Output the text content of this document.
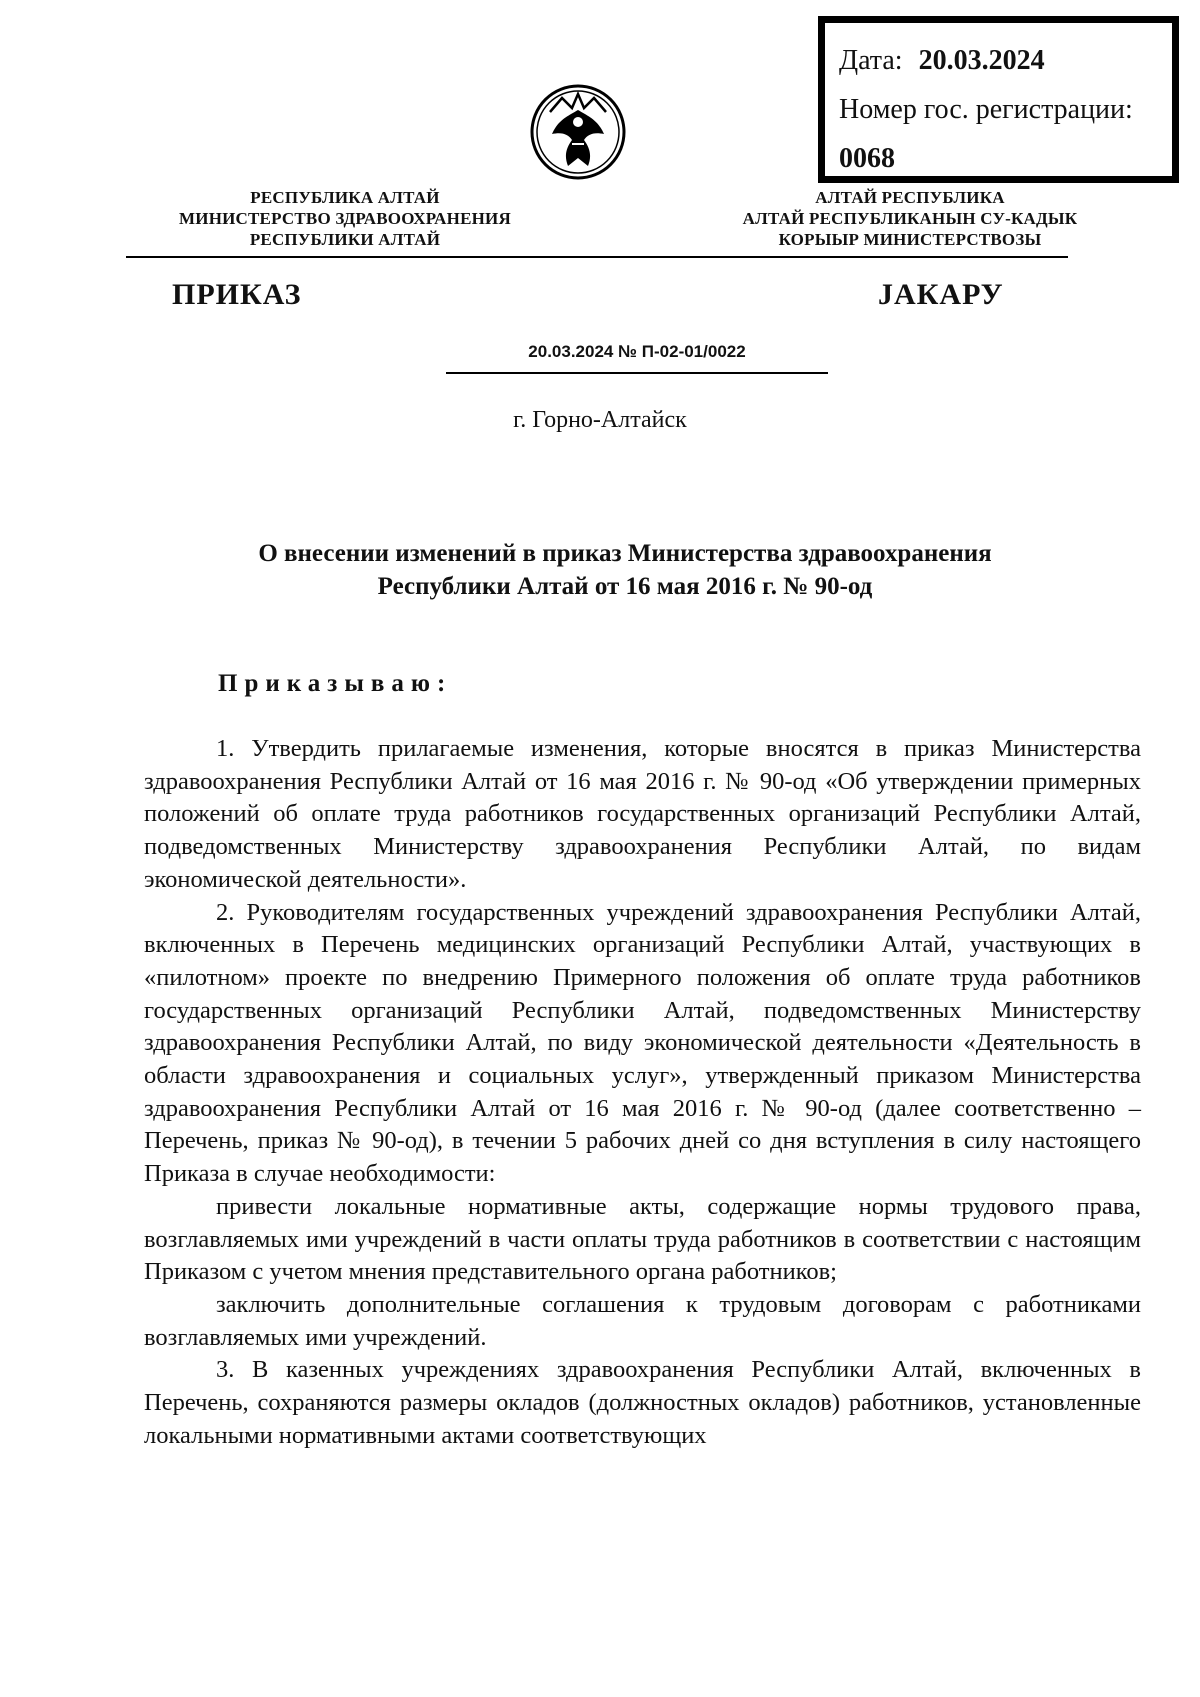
Дата: 20.03.2024
Номер гос. регистрации:
0068
РЕСПУБЛИКА АЛТАЙ
МИНИСТЕРСТВО ЗДРАВООХРАНЕНИЯ
РЕСПУБЛИКИ АЛТАЙ
АЛТАЙ РЕСПУБЛИКА
АЛТАЙ РЕСПУБЛИКАНЫН СУ-КАДЫК
КОРЫЫР МИНИСТЕРСТВОЗЫ
ПРИКАЗ	JАКАРУ
20.03.2024 № П-02-01/0022
г. Горно-Алтайск
О внесении изменений в приказ Министерства здравоохранения
Республики Алтай от 16 мая 2016 г. № 90-од
Приказываю:

1. Утвердить прилагаемые изменения, которые вносятся в приказ Министерства здравоохранения Республики Алтай от 16 мая 2016 г. № 90-од «Об утверждении примерных положений об оплате труда работников государственных организаций Республики Алтай, подведомственных Министерству здравоохранения Республики Алтай, по видам экономической деятельности».

2. Руководителям государственных учреждений здравоохранения Республики Алтай, включенных в Перечень медицинских организаций Республики Алтай, участвующих в «пилотном» проекте по внедрению Примерного положения об оплате труда работников государственных организаций Республики Алтай, подведомственных Министерству здравоохранения Республики Алтай, по виду экономической деятельности «Деятельность в области здравоохранения и социальных услуг», утвержденный приказом Министерства здравоохранения Республики Алтай от 16 мая 2016 г. № 90-од (далее соответственно – Перечень, приказ № 90-од), в течении 5 рабочих дней со дня вступления в силу настоящего Приказа в случае необходимости:

привести локальные нормативные акты, содержащие нормы трудового права, возглавляемых ими учреждений в части оплаты труда работников в соответствии с настоящим Приказом с учетом мнения представительного органа работников;

заключить дополнительные соглашения к трудовым договорам с работниками возглавляемых ими учреждений.

3. В казенных учреждениях здравоохранения Республики Алтай, включенных в Перечень, сохраняются размеры окладов (должностных окладов) работников, установленные локальными нормативными актами соответствующих
